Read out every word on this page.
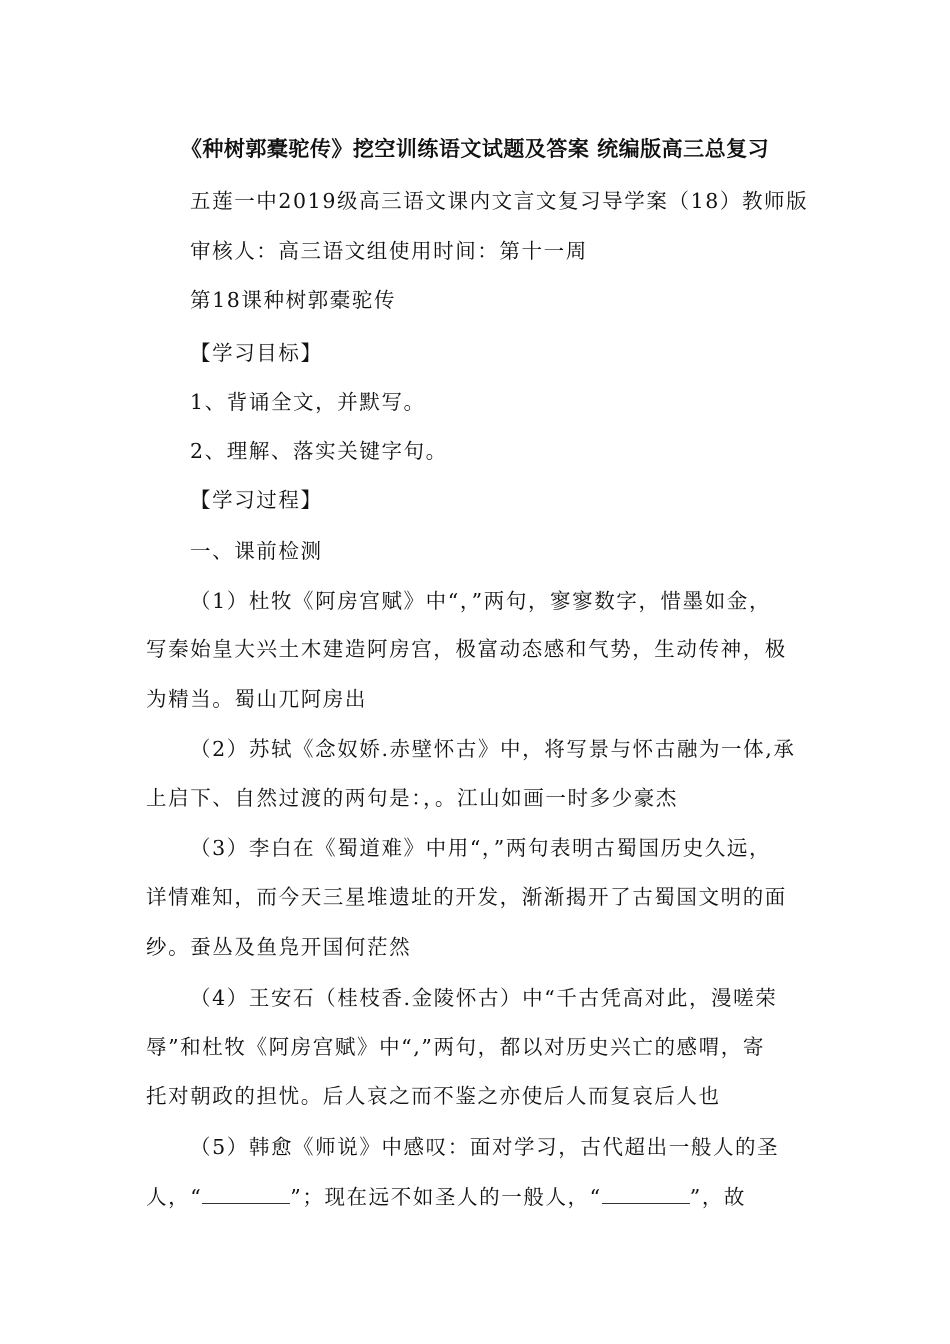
《种树郭橐驼传》挖空训练语文试题及答案 统编版高三总复习
五莲一中2019级高三语文课内文言文复习导学案（18）教师版
审核人：高三语文组使用时间：第十一周
第18课种树郭橐驼传
【学习目标】
1、背诵全文，并默写。
2、理解、落实关键字句。
【学习过程】
一、课前检测
（1）杜牧《阿房宫赋》中“，”两句，寥寥数字，惜墨如金，
写秦始皇大兴土木建造阿房宫，极富动态感和气势，生动传神，极
为精当。蜀山兀阿房出
（2）苏轼《念奴娇.赤壁怀古》中，将写景与怀古融为一体,承
上启下、自然过渡的两句是：，。江山如画一时多少豪杰
（3）李白在《蜀道难》中用“，”两句表明古蜀国历史久远，
详情难知，而今天三星堆遗址的开发，渐渐揭开了古蜀国文明的面
纱。蚕丛及鱼凫开国何茫然
（4）王安石（桂枝香.金陵怀古）中“千古凭高对此，漫嗟荣
辱”和杜牧《阿房宫赋》中“,”两句，都以对历史兴亡的感喟，寄
托对朝政的担忧。后人哀之而不鉴之亦使后人而复哀后人也
（5）韩愈《师说》中感叹：面对学习，古代超出一般人的圣
人，“	”；现在远不如圣人的一般人，“	”，故
